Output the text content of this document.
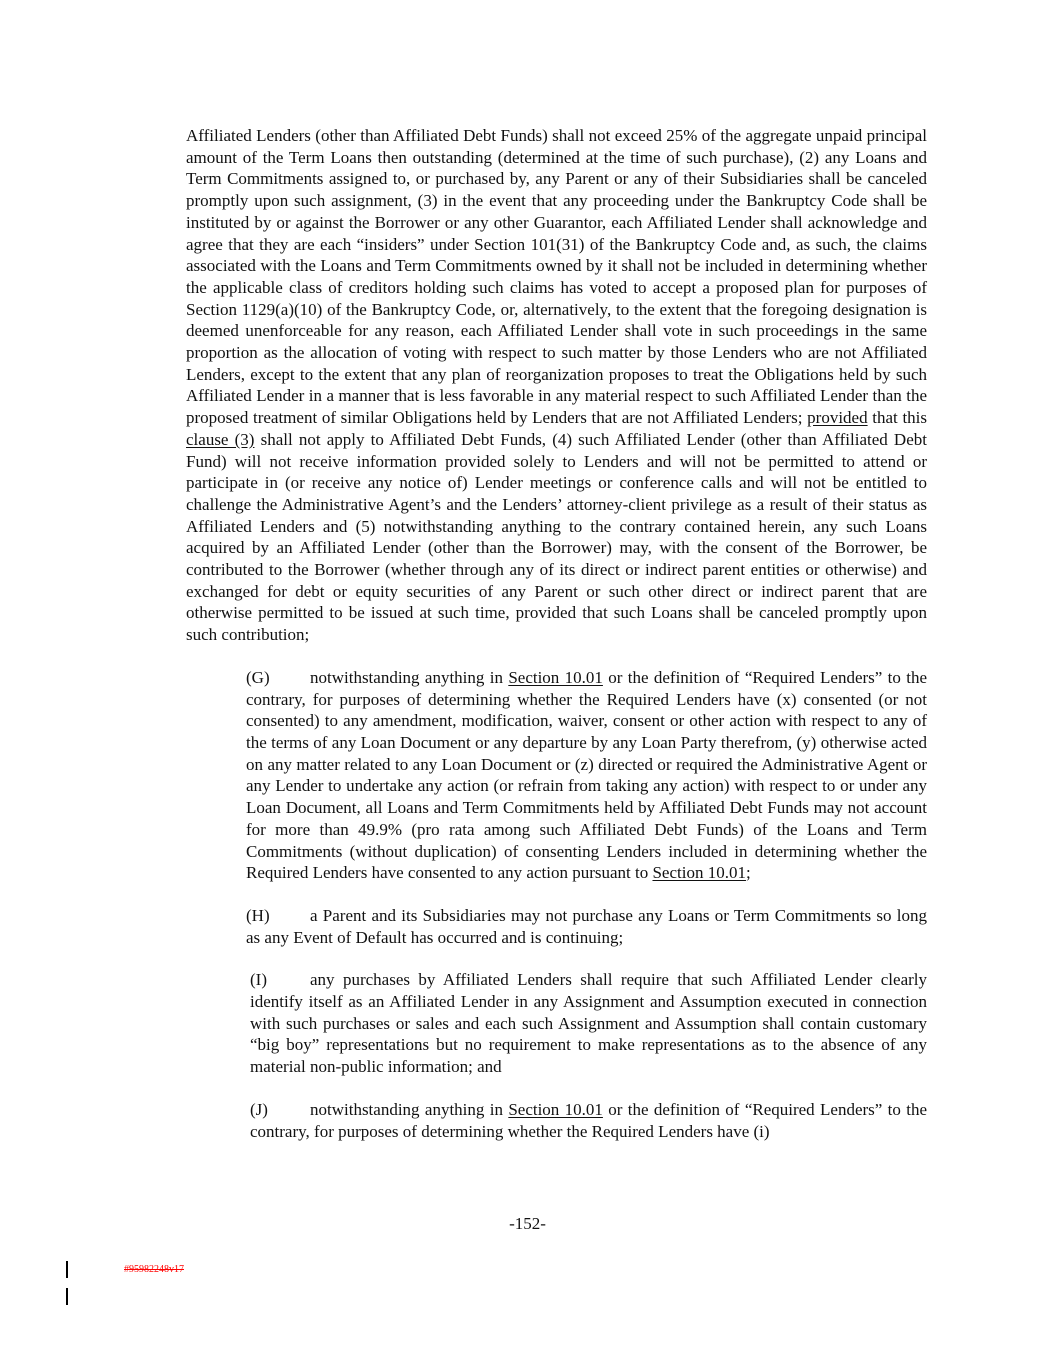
Affiliated Lenders (other than Affiliated Debt Funds) shall not exceed 25% of the aggregate unpaid principal amount of the Term Loans then outstanding (determined at the time of such purchase), (2) any Loans and Term Commitments assigned to, or purchased by, any Parent or any of their Subsidiaries shall be canceled promptly upon such assignment, (3) in the event that any proceeding under the Bankruptcy Code shall be instituted by or against the Borrower or any other Guarantor, each Affiliated Lender shall acknowledge and agree that they are each “insiders” under Section 101(31) of the Bankruptcy Code and, as such, the claims associated with the Loans and Term Commitments owned by it shall not be included in determining whether the applicable class of creditors holding such claims has voted to accept a proposed plan for purposes of Section 1129(a)(10) of the Bankruptcy Code, or, alternatively, to the extent that the foregoing designation is deemed unenforceable for any reason, each Affiliated Lender shall vote in such proceedings in the same proportion as the allocation of voting with respect to such matter by those Lenders who are not Affiliated Lenders, except to the extent that any plan of reorganization proposes to treat the Obligations held by such Affiliated Lender in a manner that is less favorable in any material respect to such Affiliated Lender than the proposed treatment of similar Obligations held by Lenders that are not Affiliated Lenders; provided that this clause (3) shall not apply to Affiliated Debt Funds, (4) such Affiliated Lender (other than Affiliated Debt Fund) will not receive information provided solely to Lenders and will not be permitted to attend or participate in (or receive any notice of) Lender meetings or conference calls and will not be entitled to challenge the Administrative Agent’s and the Lenders’ attorney-client privilege as a result of their status as Affiliated Lenders and (5) notwithstanding anything to the contrary contained herein, any such Loans acquired by an Affiliated Lender (other than the Borrower) may, with the consent of the Borrower, be contributed to the Borrower (whether through any of its direct or indirect parent entities or otherwise) and exchanged for debt or equity securities of any Parent or such other direct or indirect parent that are otherwise permitted to be issued at such time, provided that such Loans shall be canceled promptly upon such contribution;

(G) notwithstanding anything in Section 10.01 or the definition of “Required Lenders” to the contrary, for purposes of determining whether the Required Lenders have (x) consented (or not consented) to any amendment, modification, waiver, consent or other action with respect to any of the terms of any Loan Document or any departure by any Loan Party therefrom, (y) otherwise acted on any matter related to any Loan Document or (z) directed or required the Administrative Agent or any Lender to undertake any action (or refrain from taking any action) with respect to or under any Loan Document, all Loans and Term Commitments held by Affiliated Debt Funds may not account for more than 49.9% (pro rata among such Affiliated Debt Funds) of the Loans and Term Commitments (without duplication) of consenting Lenders included in determining whether the Required Lenders have consented to any action pursuant to Section 10.01;

(H) a Parent and its Subsidiaries may not purchase any Loans or Term Commitments so long as any Event of Default has occurred and is continuing;

(I)	any purchases by Affiliated Lenders shall require that such Affiliated Lender clearly identify itself as an Affiliated Lender in any Assignment and Assumption executed in connection with such purchases or sales and each such Assignment and Assumption shall contain customary “big boy” representations but no requirement to make representations as to the absence of any material non-public information; and

(J) notwithstanding anything in Section 10.01 or the definition of “Required Lenders” to the contrary, for purposes of determining whether the Required Lenders have (i)

-152-
#95982248v17
